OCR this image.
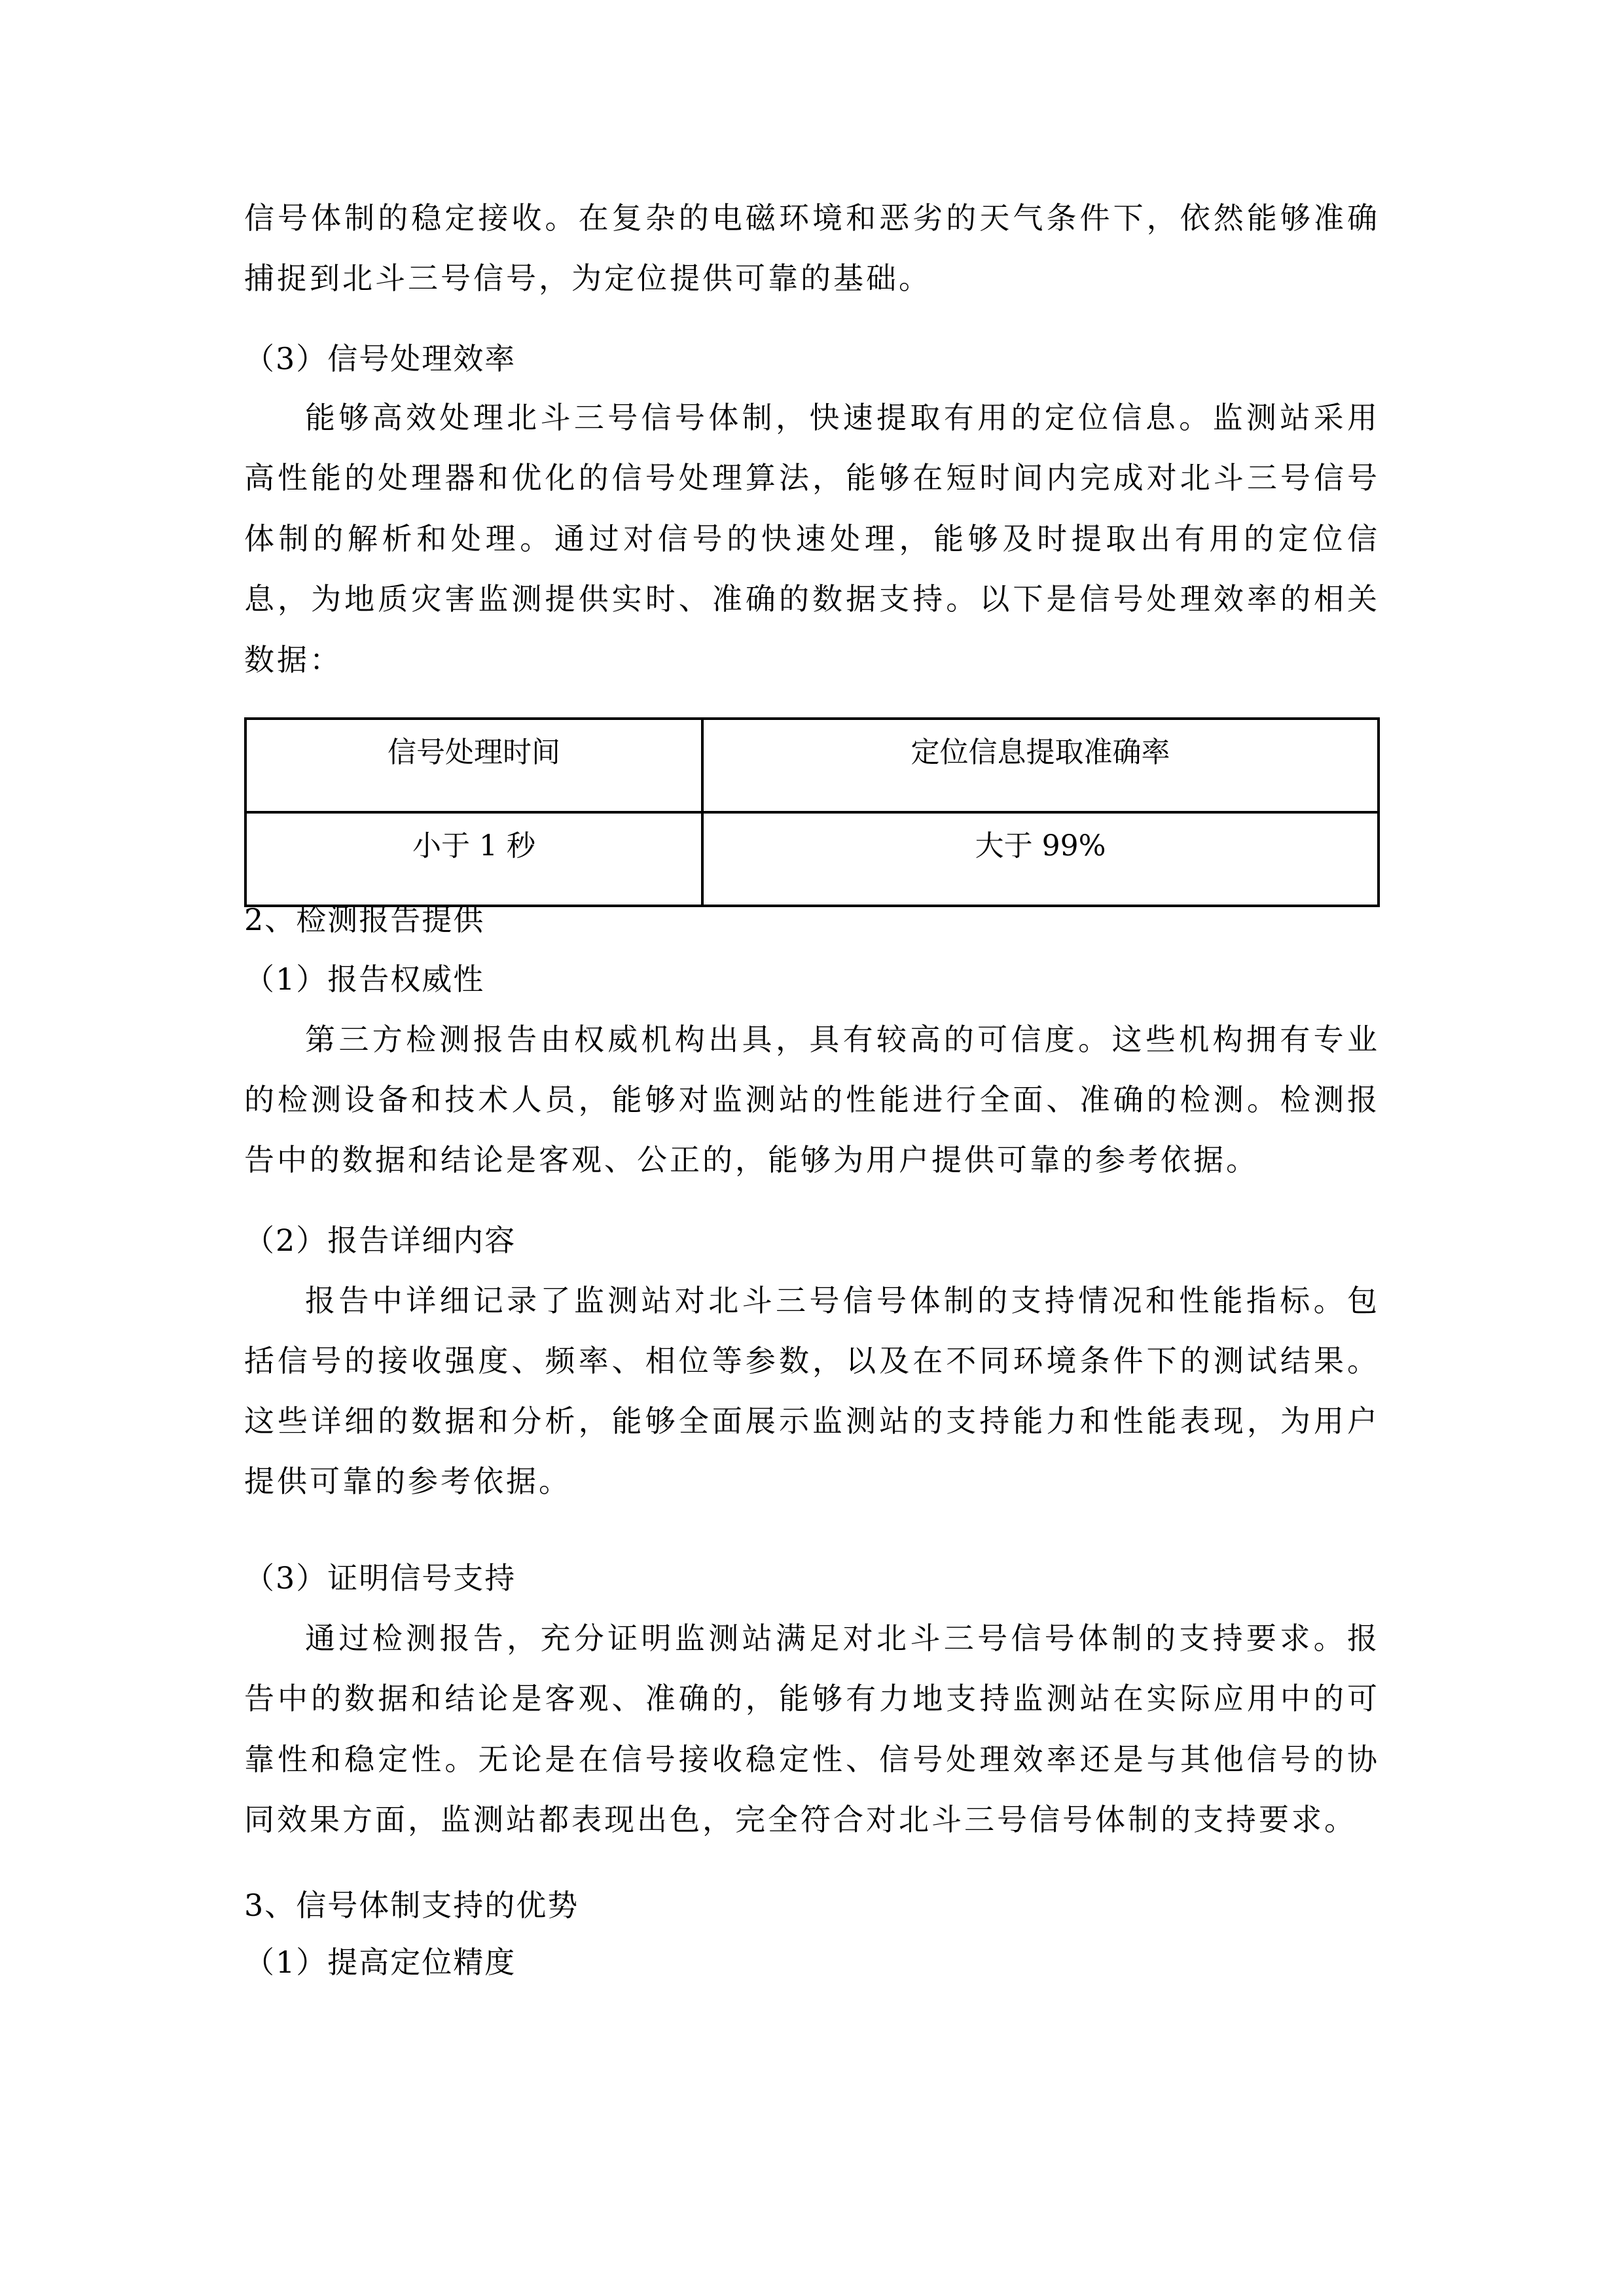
信号体制的稳定接收。在复杂的电磁环境和恶劣的天气条件下，依然能够准确
捕捉到北斗三号信号，为定位提供可靠的基础。
（3）信号处理效率
能够高效处理北斗三号信号体制，快速提取有用的定位信息。监测站采用
高性能的处理器和优化的信号处理算法，能够在短时间内完成对北斗三号信号
体制的解析和处理。通过对信号的快速处理，能够及时提取出有用的定位信
息，为地质灾害监测提供实时、准确的数据支持。以下是信号处理效率的相关
数据：
信号处理时间	定位信息提取准确率
小于 1 秒	大于 99%
2、检测报告提供
（1）报告权威性
第三方检测报告由权威机构出具，具有较高的可信度。这些机构拥有专业
的检测设备和技术人员，能够对监测站的性能进行全面、准确的检测。检测报
告中的数据和结论是客观、公正的，能够为用户提供可靠的参考依据。
（2）报告详细内容
报告中详细记录了监测站对北斗三号信号体制的支持情况和性能指标。包
括信号的接收强度、频率、相位等参数，以及在不同环境条件下的测试结果。
这些详细的数据和分析，能够全面展示监测站的支持能力和性能表现，为用户
提供可靠的参考依据。
（3）证明信号支持
通过检测报告，充分证明监测站满足对北斗三号信号体制的支持要求。报
告中的数据和结论是客观、准确的，能够有力地支持监测站在实际应用中的可
靠性和稳定性。无论是在信号接收稳定性、信号处理效率还是与其他信号的协
同效果方面，监测站都表现出色，完全符合对北斗三号信号体制的支持要求。
3、信号体制支持的优势
（1）提高定位精度
